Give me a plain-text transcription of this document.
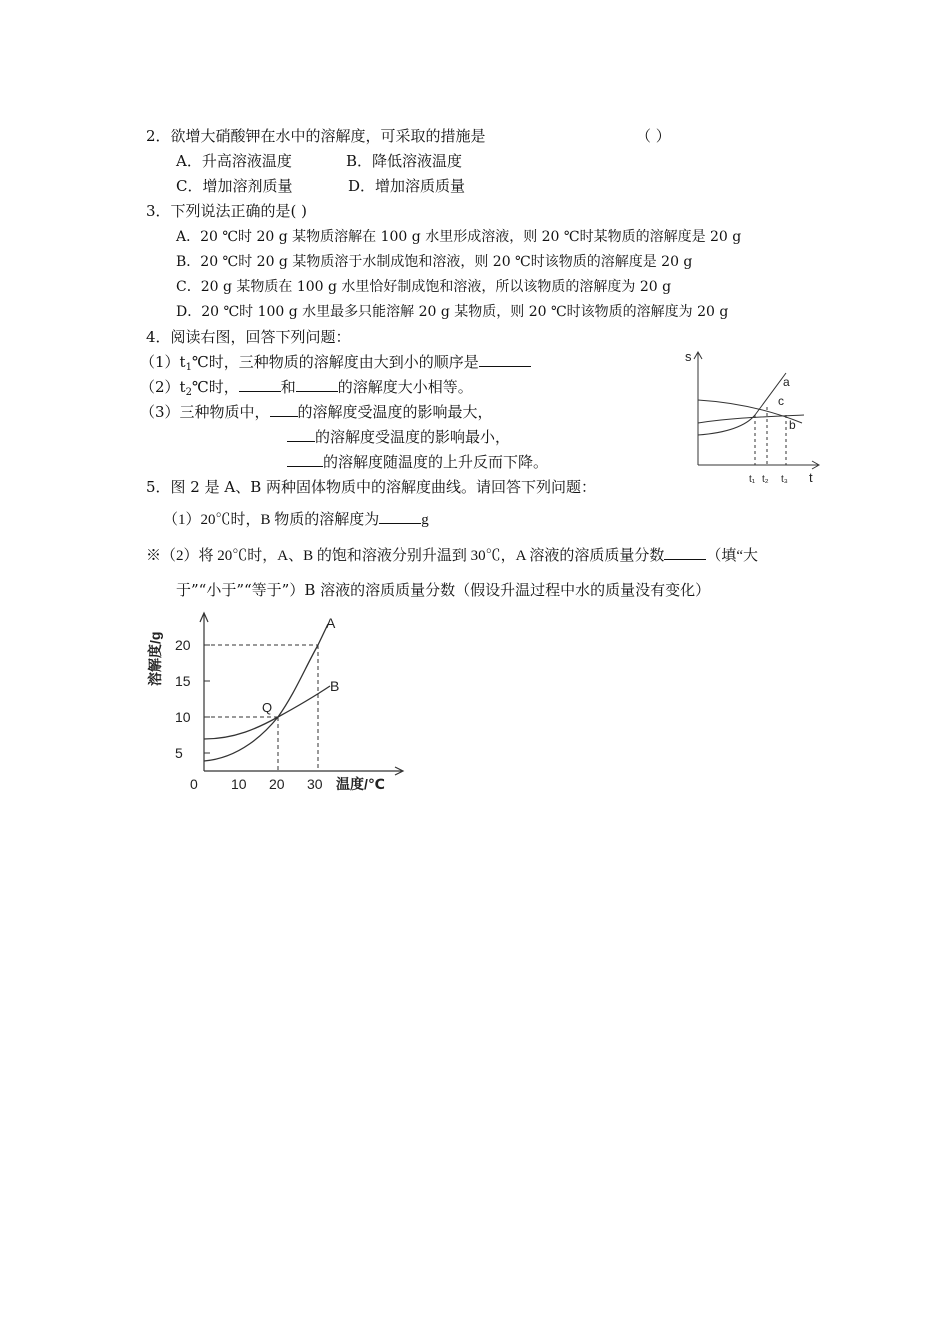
2．欲增大硝酸钾在水中的溶解度，可采取的措施是	（ ）
A．升高溶液温度	B．降低溶液温度
C．增加溶剂质量	D．增加溶质质量
3．下列说法正确的是( )
A．20 ℃时 20 g 某物质溶解在 100 g 水里形成溶液，则 20 ℃时某物质的溶解度是 20 g
B．20 ℃时 20 g 某物质溶于水制成饱和溶液，则 20 ℃时该物质的溶解度是 20 g
C．20 g 某物质在 100 g 水里恰好制成饱和溶液，所以该物质的溶解度为 20 g
D．20 ℃时 100 g 水里最多只能溶解 20 g 某物质，则 20 ℃时该物质的溶解度为 20 g
4．阅读右图，回答下列问题：
$(1)t_1℃$时，三种物质的溶解度由大到小的顺序是
$(2)t_2℃$时，	和	的溶解度大小相等。
（3）三种物质中， 的溶解度受温度的影响最大，
的溶解度受温度的影响最小，
的溶解度随温度的上升反而下降。
s
t
a
c
b
t₁ t₂ t₃
5．图 2 是 A、B 两种固体物质中的溶解度曲线。请回答下列问题：
（1）20℃时，B 物质的溶解度为	g
※（2）将 20℃时，A、B 的饱和溶液分别升温到 30℃，A 溶液的溶质质量分数	（填“大
于”“小于”“等于”）B 溶液的溶质质量分数（假设升温过程中水的质量没有变化）
A
B
Q
20
15
10
5
0 10 20 30 温度/℃
溶解度/g
